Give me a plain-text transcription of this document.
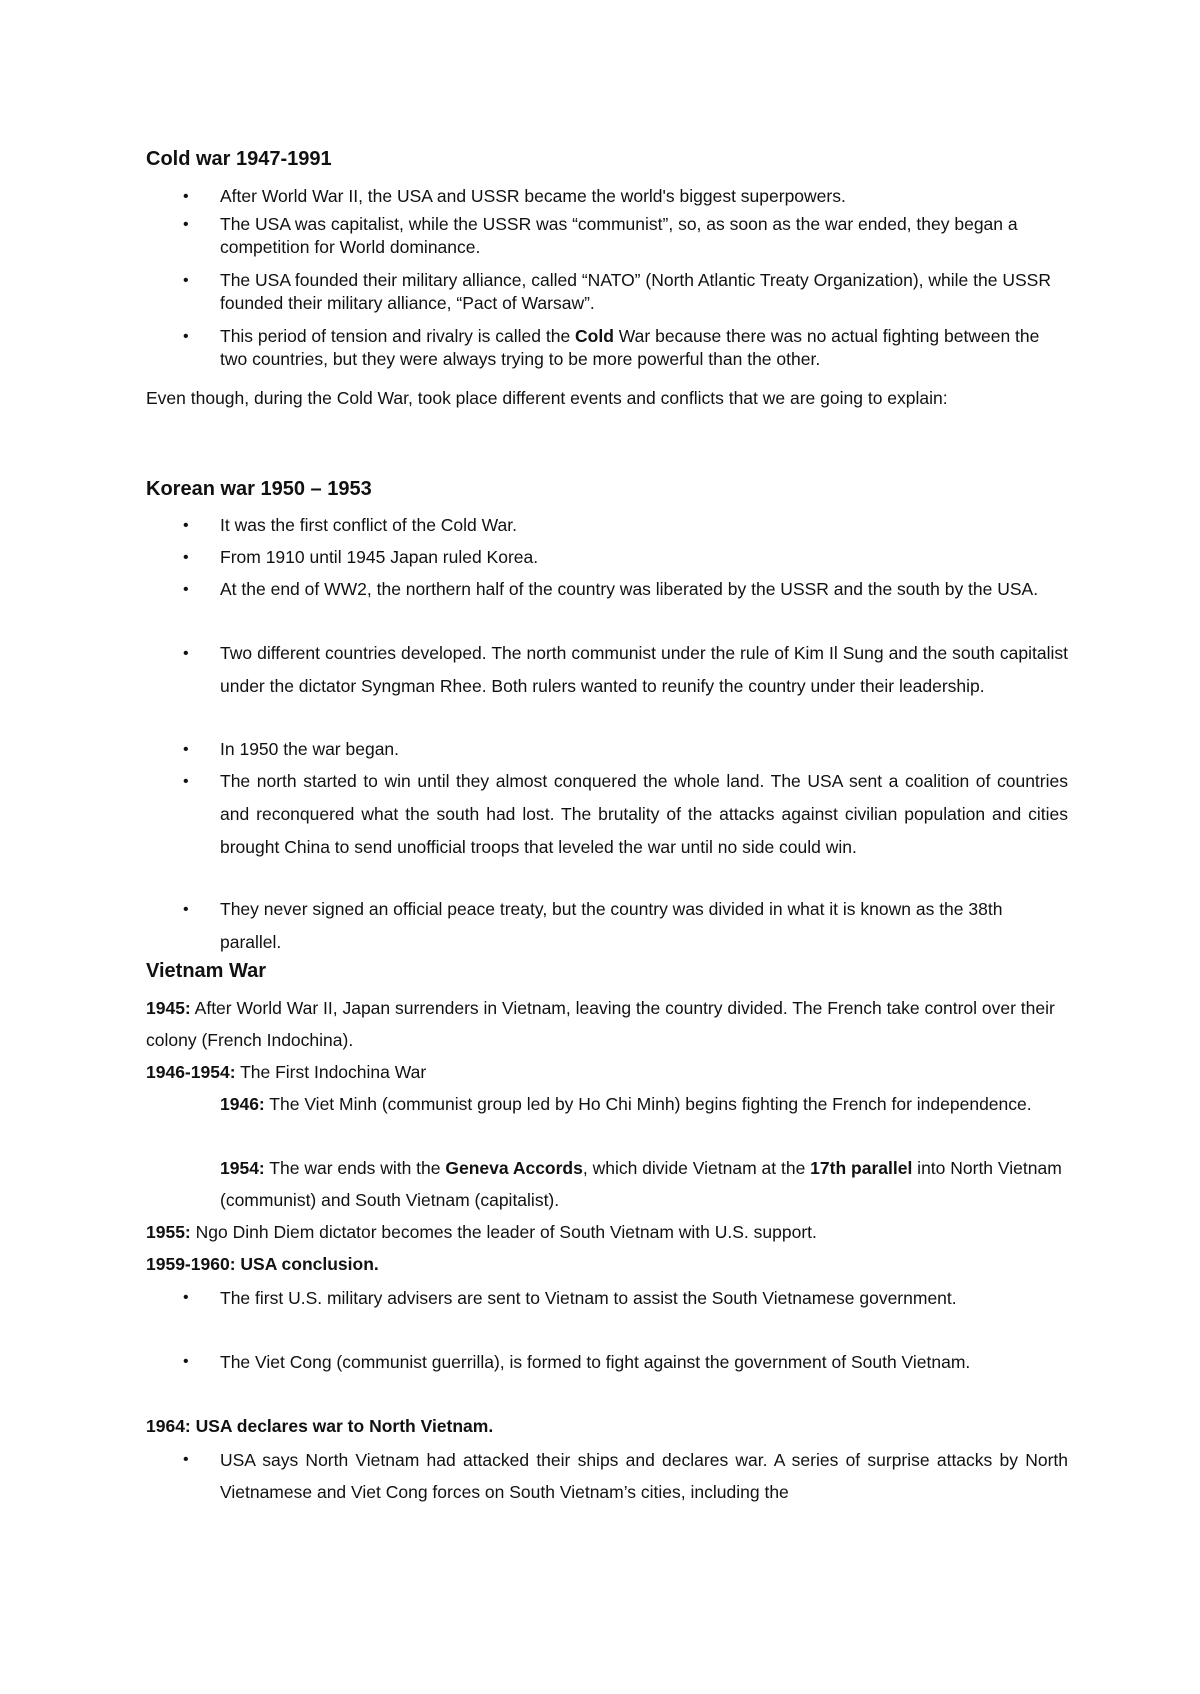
Cold war 1947-1991

• After World War II, the USA and USSR became the world's biggest superpowers.

• The USA was capitalist, while the USSR was “communist”, so, as soon as the war ended, they began a competition for World dominance.

• The USA founded their military alliance, called “NATO” (North Atlantic Treaty Organization), while the USSR founded their military alliance, “Pact of Warsaw”.

• This period of tension and rivalry is called the Cold War because there was no actual fighting between the two countries, but they were always trying to be more powerful than the other.

Even though, during the Cold War, took place different events and conflicts that we are going to explain:

Korean war 1950 – 1953

• It was the first conflict of the Cold War.

• From 1910 until 1945 Japan ruled Korea.

• At the end of WW2, the northern half of the country was liberated by the USSR and the south by the USA.

• Two different countries developed. The north communist under the rule of Kim Il Sung and the south capitalist under the dictator Syngman Rhee. Both rulers wanted to reunify the country under their leadership.

• In 1950 the war began.

• The north started to win until they almost conquered the whole land. The USA sent a coalition of countries and reconquered what the south had lost. The brutality of the attacks against civilian population and cities brought China to send unofficial troops that leveled the war until no side could win.

• They never signed an official peace treaty, but the country was divided in what it is known as the 38th parallel.

Vietnam War

1945: After World War II, Japan surrenders in Vietnam, leaving the country divided. The French take control over their colony (French Indochina).

1946-1954: The First Indochina War

1946: The Viet Minh (communist group led by Ho Chi Minh) begins fighting the French for independence.

1954: The war ends with the Geneva Accords, which divide Vietnam at the 17th parallel into North Vietnam (communist) and South Vietnam (capitalist).

1955: Ngo Dinh Diem dictator becomes the leader of South Vietnam with U.S. support.

1959-1960: USA conclusion.

• The first U.S. military advisers are sent to Vietnam to assist the South Vietnamese government.

• The Viet Cong (communist guerrilla), is formed to fight against the government of South Vietnam.

1964: USA declares war to North Vietnam.

• USA says North Vietnam had attacked their ships and declares war. A series of surprise attacks by North Vietnamese and Viet Cong forces on South Vietnam’s cities, including the
